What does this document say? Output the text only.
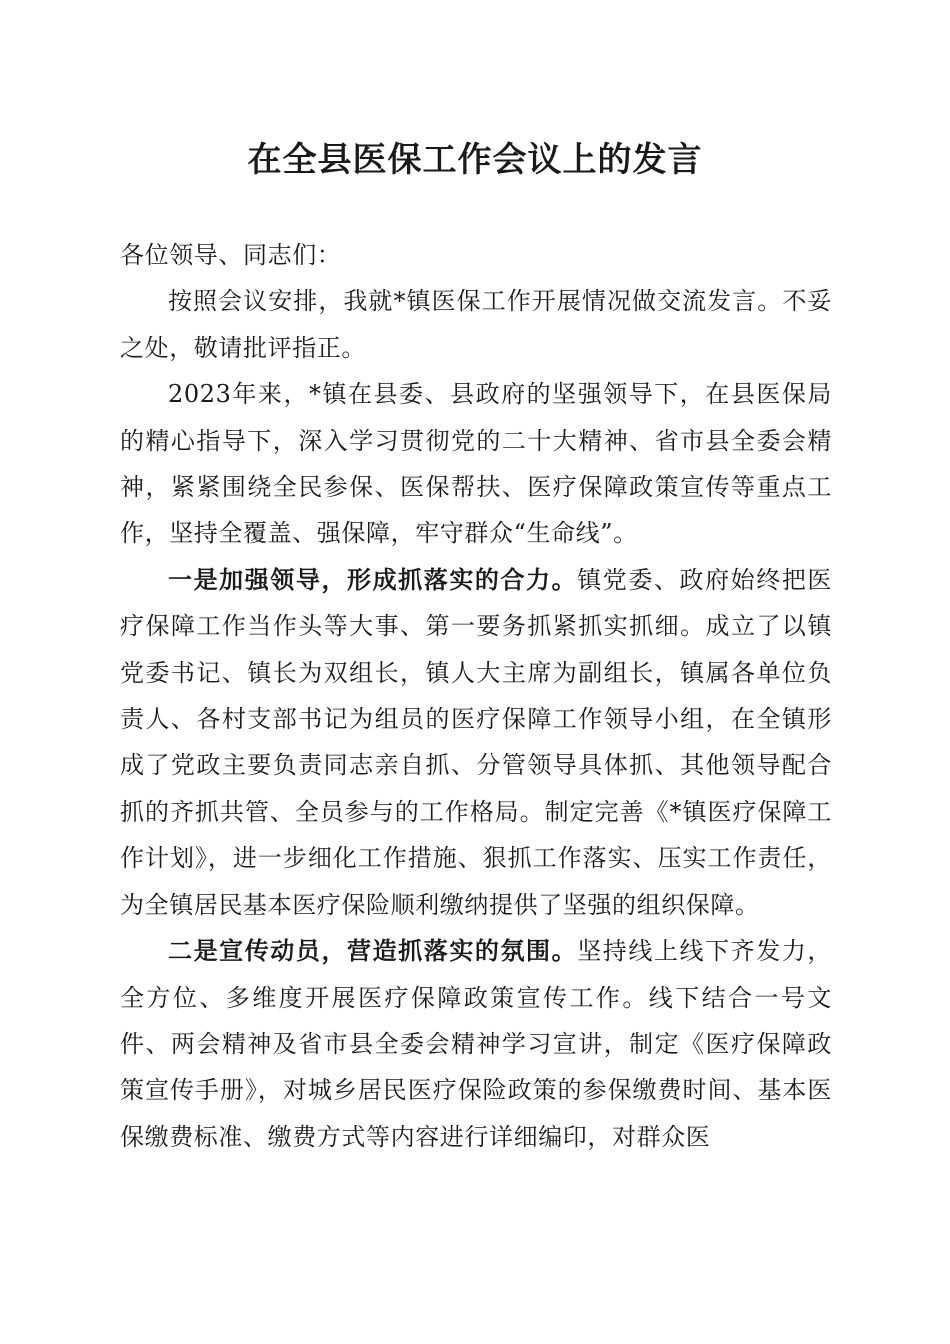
在全县医保工作会议上的发言

各位领导、同志们：

按照会议安排，我就*镇医保工作开展情况做交流发言。不妥之处，敬请批评指正。

2023年来，*镇在县委、县政府的坚强领导下，在县医保局的精心指导下，深入学习贯彻党的二十大精神、省市县全委会精神，紧紧围绕全民参保、医保帮扶、医疗保障政策宣传等重点工作，坚持全覆盖、强保障，牢守群众“生命线”。

一是加强领导，形成抓落实的合力。镇党委、政府始终把医疗保障工作当作头等大事、第一要务抓紧抓实抓细。成立了以镇党委书记、镇长为双组长，镇人大主席为副组长，镇属各单位负责人、各村支部书记为组员的医疗保障工作领导小组，在全镇形成了党政主要负责同志亲自抓、分管领导具体抓、其他领导配合抓的齐抓共管、全员参与的工作格局。制定完善《*镇医疗保障工作计划》，进一步细化工作措施、狠抓工作落实、压实工作责任，为全镇居民基本医疗保险顺利缴纳提供了坚强的组织保障。

二是宣传动员，营造抓落实的氛围。坚持线上线下齐发力，全方位、多维度开展医疗保障政策宣传工作。线下结合一号文件、两会精神及省市县全委会精神学习宣讲，制定《医疗保障政策宣传手册》，对城乡居民医疗保险政策的参保缴费时间、基本医保缴费标准、缴费方式等内容进行详细编印，对群众医
